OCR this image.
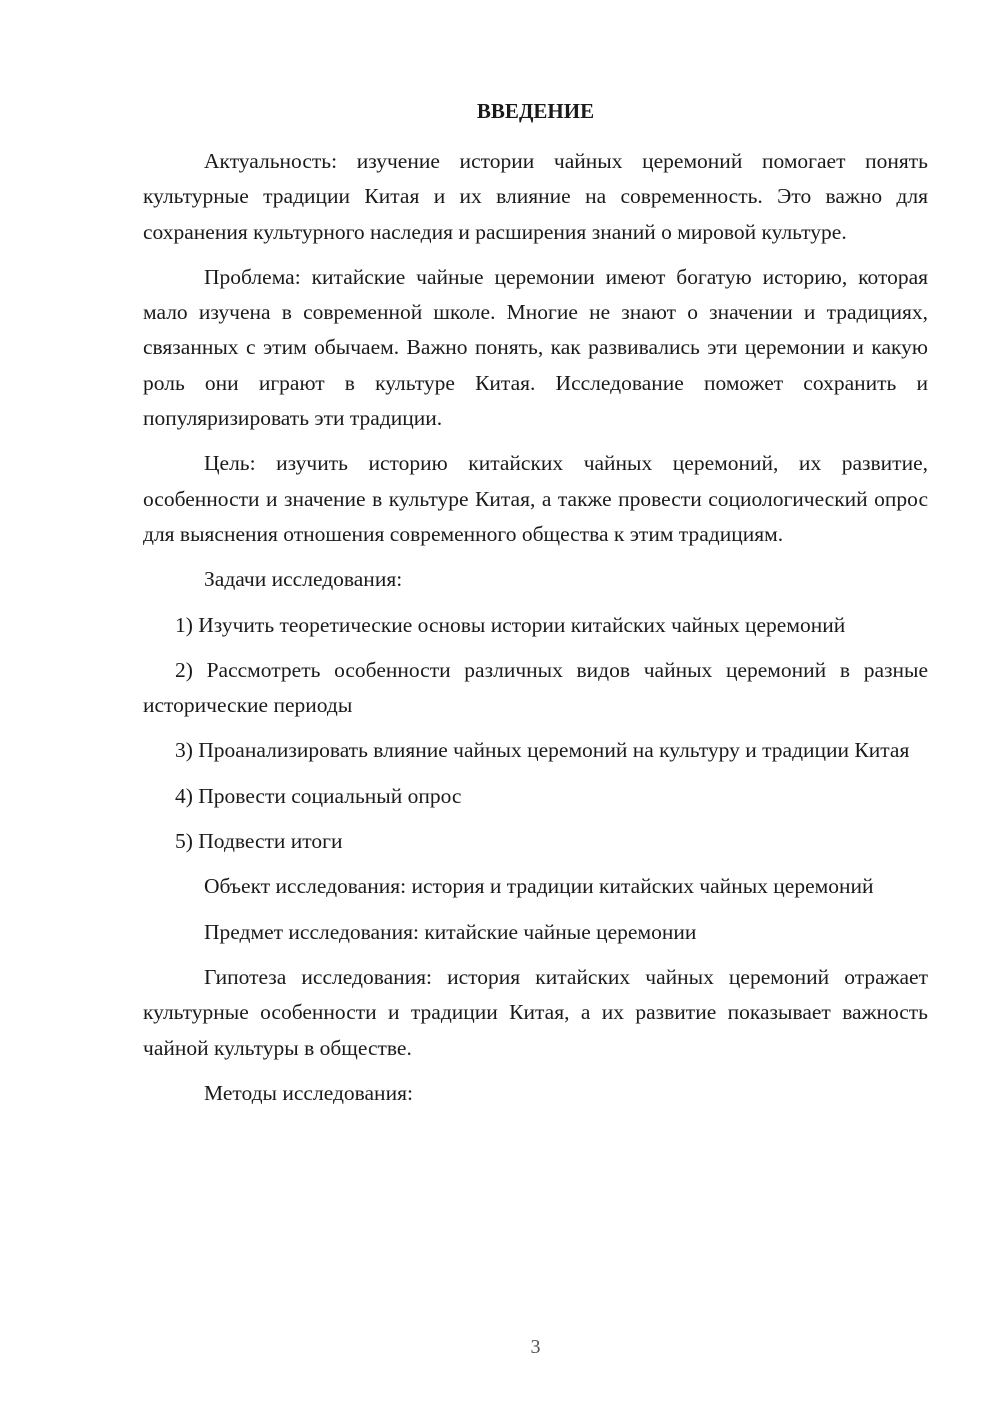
ВВЕДЕНИЕ

Актуальность: изучение истории чайных церемоний помогает понять культурные традиции Китая и их влияние на современность. Это важно для сохранения культурного наследия и расширения знаний о мировой культуре.

Проблема: китайские чайные церемонии имеют богатую историю, которая мало изучена в современной школе. Многие не знают о значении и традициях, связанных с этим обычаем. Важно понять, как развивались эти церемонии и какую роль они играют в культуре Китая. Исследование поможет сохранить и популяризировать эти традиции.

Цель: изучить историю китайских чайных церемоний, их развитие, особенности и значение в культуре Китая, а также провести социологический опрос для выяснения отношения современного общества к этим традициям.

Задачи исследования:

1) Изучить теоретические основы истории китайских чайных церемоний

2) Рассмотреть особенности различных видов чайных церемоний в разные исторические периоды

3) Проанализировать влияние чайных церемоний на культуру и традиции Китая

4) Провести социальный опрос

5) Подвести итоги

Объект исследования: история и традиции китайских чайных церемоний

Предмет исследования: китайские чайные церемонии

Гипотеза исследования: история китайских чайных церемоний отражает культурные особенности и традиции Китая, а их развитие показывает важность чайной культуры в обществе.

Методы исследования:

3
